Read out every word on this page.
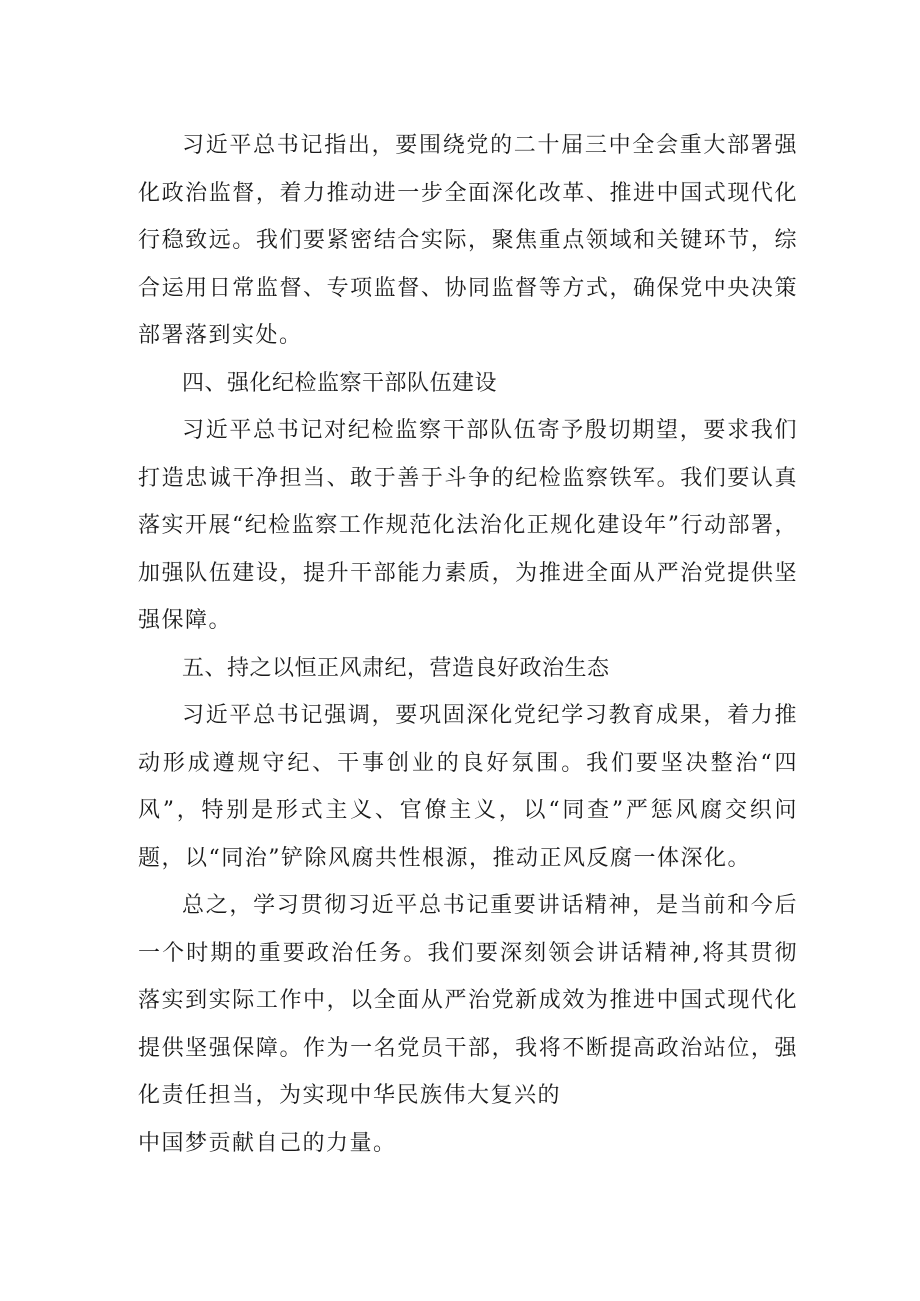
习近平总书记指出，要围绕党的二十届三中全会重大部署强化政治监督，着力推动进一步全面深化改革、推进中国式现代化行稳致远。我们要紧密结合实际，聚焦重点领域和关键环节，综合运用日常监督、专项监督、协同监督等方式，确保党中央决策部署落到实处。

四、强化纪检监察干部队伍建设

习近平总书记对纪检监察干部队伍寄予殷切期望，要求我们打造忠诚干净担当、敢于善于斗争的纪检监察铁军。我们要认真落实开展“纪检监察工作规范化法治化正规化建设年”行动部署，加强队伍建设，提升干部能力素质，为推进全面从严治党提供坚强保障。

五、持之以恒正风肃纪，营造良好政治生态

习近平总书记强调，要巩固深化党纪学习教育成果，着力推动形成遵规守纪、干事创业的良好氛围。我们要坚决整治“四风”，特别是形式主义、官僚主义，以“同查”严惩风腐交织问题，以“同治”铲除风腐共性根源，推动正风反腐一体深化。

总之，学习贯彻习近平总书记重要讲话精神，是当前和今后一个时期的重要政治任务。我们要深刻领会讲话精神,将其贯彻落实到实际工作中，以全面从严治党新成效为推进中国式现代化提供坚强保障。作为一名党员干部，我将不断提高政治站位，强化责任担当，为实现中华民族伟大复兴的

中国梦贡献自己的力量。
